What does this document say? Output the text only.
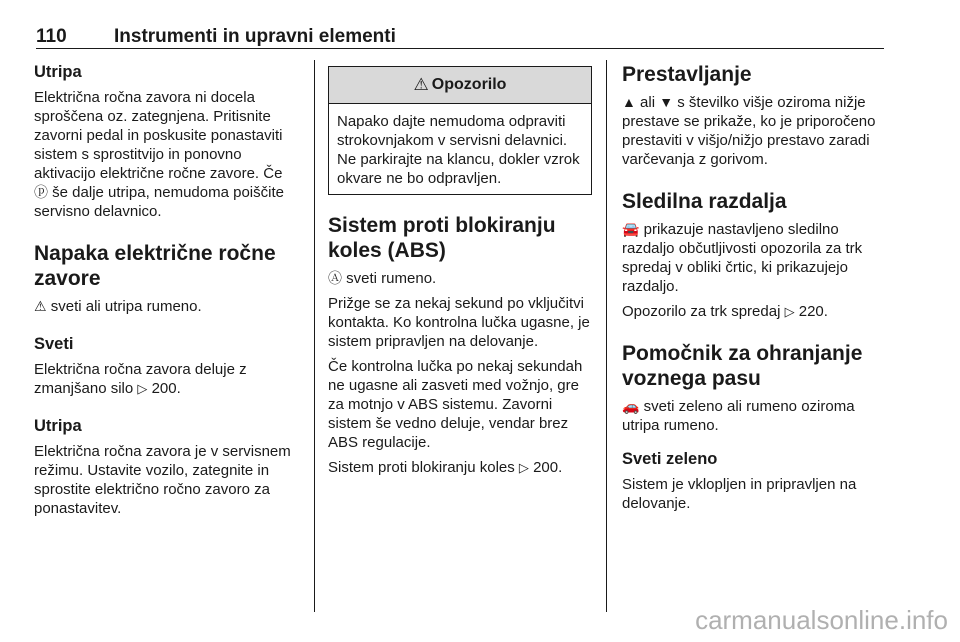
110 Instrumenti in upravni elementi
Utripa

Električna ročna zavora ni docela sproščena oz. zategnjena. Pritisnite zavorni pedal in poskusite ponastaviti sistem s sprostitvijo in ponovno aktivacijo električne ročne zavore. Če ⓟ še dalje utripa, nemudoma poiščite servisno delavnico.

Napaka električne ročne zavore

⚠ sveti ali utripa rumeno.

Sveti

Električna ročna zavora deluje z zmanjšano silo ▷ 200.

Utripa

Električna ročna zavora je v servisnem režimu. Ustavite vozilo, zategnite in sprostite električno ročno zavoro za ponastavitev.

⚠ Opozorilo

Napako dajte nemudoma odpraviti strokovnjakom v servisni delavnici. Ne parkirajte na klancu, dokler vzrok okvare ne bo odpravljen.

Sistem proti blokiranju koles (ABS)

Ⓐ sveti rumeno.

Prižge se za nekaj sekund po vključitvi kontakta. Ko kontrolna lučka ugasne, je sistem pripravljen na delovanje.

Če kontrolna lučka po nekaj sekundah ne ugasne ali zasveti med vožnjo, gre za motnjo v ABS sistemu. Zavorni sistem še vedno deluje, vendar brez ABS regulacije.

Sistem proti blokiranju koles ▷ 200.

Prestavljanje

▲ ali ▼ s številko višje oziroma nižje prestave se prikaže, ko je priporočeno prestaviti v višjo/nižjo prestavo zaradi varčevanja z gorivom.

Sledilna razdalja

🚘 prikazuje nastavljeno sledilno razdaljo občutljivosti opozorila za trk spredaj v obliki črtic, ki prikazujejo razdaljo.

Opozorilo za trk spredaj ▷ 220.

Pomočnik za ohranjanje voznega pasu

🚗 sveti zeleno ali rumeno oziroma utripa rumeno.

Sveti zeleno

Sistem je vklopljen in pripravljen na delovanje.

carmanualsonline.info
